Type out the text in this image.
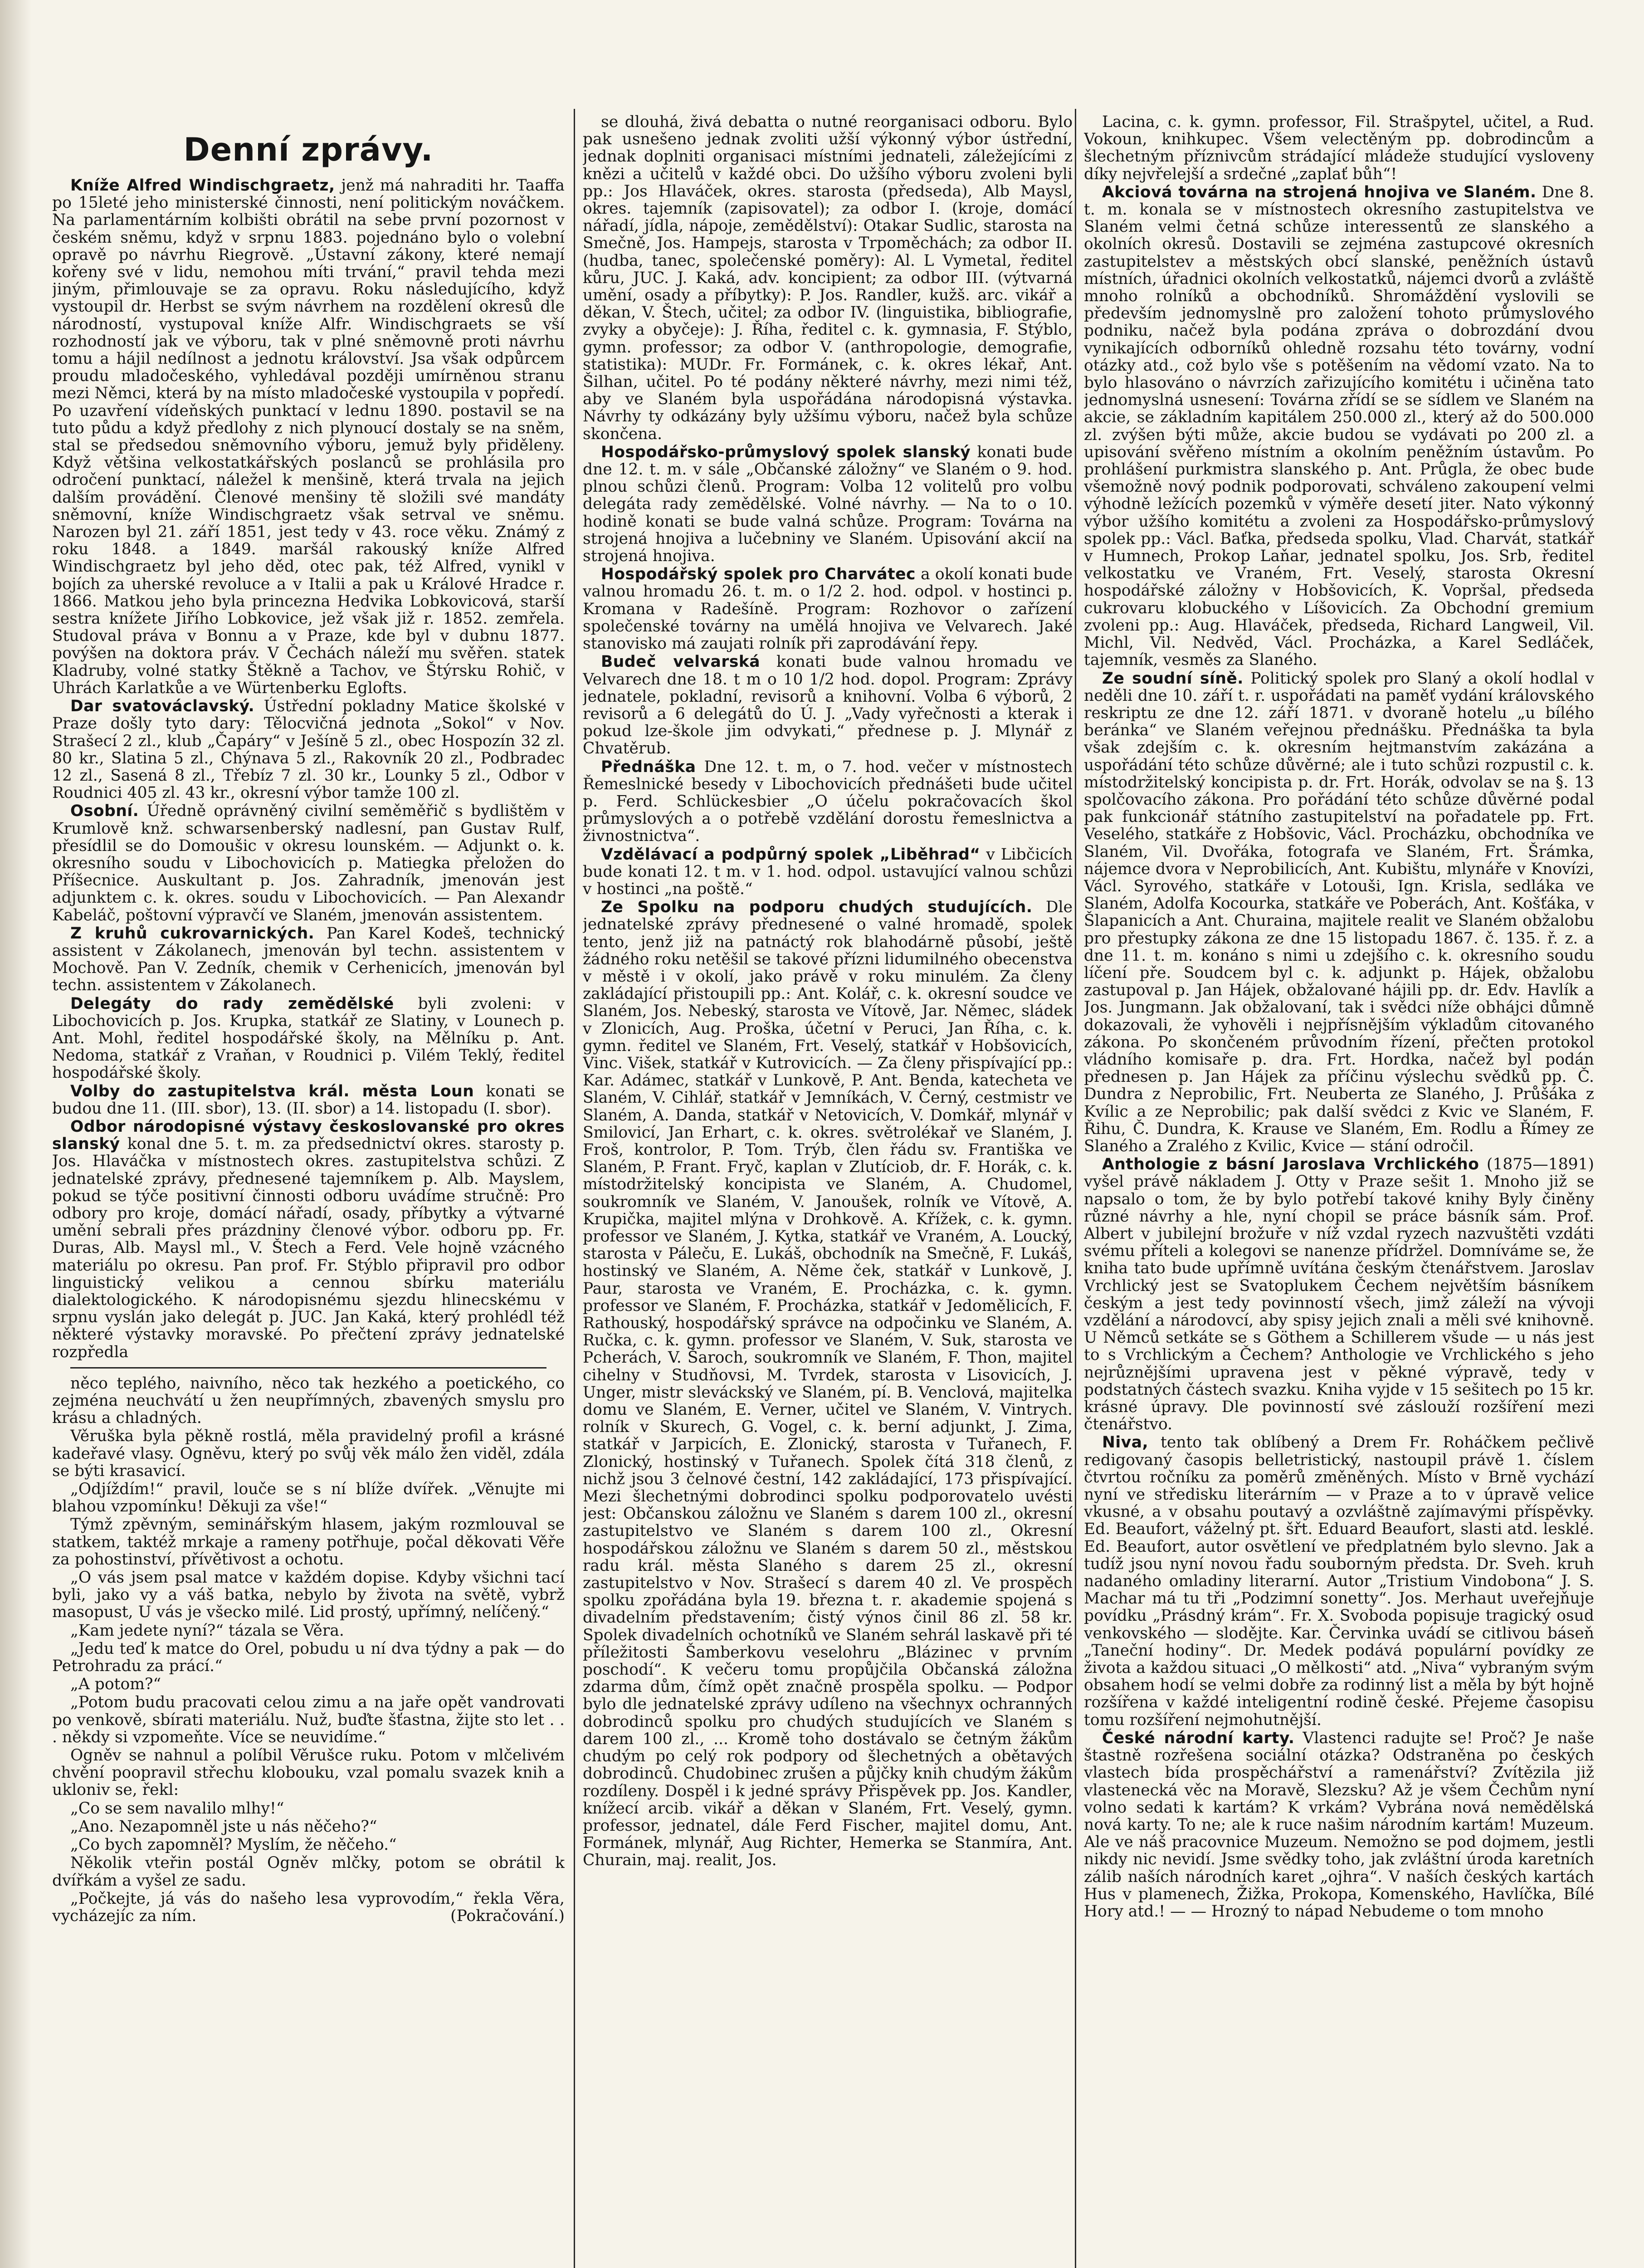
Denní zprávy.

Kníže Alfred Windischgraetz, jenž má nahraditi hr. Taaffa po 15leté jeho ministerské činnosti, není politickým nováčkem. Na parlamentárním kolbišti obrátil na sebe první pozornost v českém sněmu, když v srpnu 1883. pojednáno bylo o volební opravě po návrhu Riegrově. „Ústavní zákony, které nemají kořeny své v lidu, nemohou míti trvání,“ pravil tehda mezi jiným, přimlouvaje se za opravu. Roku následujícího, když vystoupil dr. Herbst se svým návrhem na rozdělení okresů dle národností, vystupoval kníže Alfr. Windischgraets se vší rozhodností jak ve výboru, tak v plné sněmovně proti návrhu tomu a hájil nedílnost a jednotu království. Jsa však odpůrcem proudu mladočeského, vyhledával později umírněnou stranu mezi Němci, která by na místo mladočeské vystoupila v popředí. Po uzavření vídeňských punktací v lednu 1890. postavil se na tuto půdu a když předlohy z nich plynoucí dostaly se na sněm, stal se předsedou sněmovního výboru, jemuž byly přiděleny. Když většina velkostatkářských poslanců se prohlásila pro odročení punktací, náležel k menšině, která trvala na jejich dalším provádění. Členové menšiny tě složili své mandáty sněmovní, kníže Windischgraetz však setrval ve sněmu. Narozen byl 21. září 1851, jest tedy v 43. roce věku. Známý z roku 1848. a 1849. maršál rakouský kníže Alfred Windischgraetz byl jeho děd, otec pak, též Alfred, vynikl v bojích za uherské revoluce a v Italii a pak u Králové Hradce r. 1866. Matkou jeho byla princezna Hedvika Lobkovicová, starší sestra knížete Jiřího Lobkovice, jež však již r. 1852. zemřela. Studoval práva v Bonnu a v Praze, kde byl v dubnu 1877. povýšen na doktora práv. V Čechách náleží mu svěřen. statek Kladruby, volné statky Štěkně a Tachov, ve Štýrsku Rohič, v Uhrách Karlatkůe a ve Würtenberku Eglofts.

Dar svatováclavský. Ústřední pokladny Matice školské v Praze došly tyto dary: Tělocvičná jednota „Sokol“ v Nov. Strašecí 2 zl., klub „Čapáry“ v Ješíně 5 zl., obec Hospozín 32 zl. 80 kr., Slatina 5 zl., Chýnava 5 zl., Rakovník 20 zl., Podbradec 12 zl., Sasená 8 zl., Třebíz 7 zl. 30 kr., Lounky 5 zl., Odbor v Roudnici 405 zl. 43 kr., okresní výbor tamže 100 zl.

Osobní. Úředně oprávněný civilní seměměřič s bydlištěm v Krumlově knž. schwarsenberský nadlesní, pan Gustav Rulf, přesídlil se do Domoušic v okresu lounském. — Adjunkt o. k. okresního soudu v Libochovicích p. Matiegka přeložen do Příšecnice. Auskultant p. Jos. Zahradník, jmenován jest adjunktem c. k. okres. soudu v Libochovicích. — Pan Alexandr Kabeláč, poštovní výpravčí ve Slaném, jmenován assistentem.

Z kruhů cukrovarnických. Pan Karel Kodeš, technický assistent v Zákolanech, jmenován byl techn. assistentem v Mochově. Pan V. Zedník, chemik v Cerhenicích, jmenován byl techn. assistentem v Zákolanech.

Delegáty do rady zemědělské byli zvoleni: v Libochovicích p. Jos. Krupka, statkář ze Slatiny, v Lounech p. Ant. Mohl, ředitel hospodářské školy, na Mělníku p. Ant. Nedoma, statkář z Vraňan, v Roudnici p. Vilém Teklý, ředitel hospodářské školy.

Volby do zastupitelstva král. města Loun konati se budou dne 11. (III. sbor), 13. (II. sbor) a 14. listopadu (I. sbor).

Odbor národopisné výstavy českoslovanské pro okres slanský konal dne 5. t. m. za předsednictví okres. starosty p. Jos. Hlaváčka v místnostech okres. zastupitelstva schůzi. Z jednatelské zprávy, přednesené tajemníkem p. Alb. Mayslem, pokud se týče positivní činnosti odboru uvádíme stručně: Pro odbory pro kroje, domácí nářadí, osady, příbytky a výtvarné umění sebrali přes prázdniny členové výbor. odboru pp. Fr. Duras, Alb. Maysl ml., V. Štech a Ferd. Vele hojně vzácného materiálu po okresu. Pan prof. Fr. Stýblo připravil pro odbor linguistický velikou a cennou sbírku materiálu dialektologického. K národopisnému sjezdu hlinecskému v srpnu vyslán jako delegát p. JUC. Jan Kaká, který prohlédl též některé výstavky moravské. Po přečtení zprávy jednatelské rozpředla

něco teplého, naivního, něco tak hezkého a poetického, co zejména neuchvátí u žen neupřímných, zbavených smyslu pro krásu a chladných.

Věruška byla pěkně rostlá, měla pravidelný profil a krásné kadeřavé vlasy. Ogněvu, který po svůj věk málo žen viděl, zdála se býti krasavicí.

„Odjíždím!“ pravil, louče se s ní blíže dvířek. „Věnujte mi blahou vzpomínku! Děkuji za vše!“

Týmž zpěvným, seminářským hlasem, jakým rozmlouval se statkem, taktéž mrkaje a rameny potřhuje, počal děkovati Věře za pohostinství, přívětivost a ochotu.

„O vás jsem psal matce v každém dopise. Kdyby všichni tací byli, jako vy a váš batka, nebylo by života na světě, vybrž masopust, U vás je všecko milé. Lid prostý, upřímný, nelíčený.“

„Kam jedete nyní?“ tázala se Věra.

„Jedu teď k matce do Orel, pobudu u ní dva týdny a pak — do Petrohradu za prácí.“

„A potom?“

„Potom budu pracovati celou zimu a na jaře opět vandrovati po venkově, sbírati materiálu. Nuž, buďte šťastna, žijte sto let . . . někdy si vzpomeňte. Více se neuvidíme.“

Ogněv se nahnul a políbil Věrušce ruku. Potom v mlčelivém chvění poopravil střechu klobouku, vzal pomalu svazek knih a ukloniv se, řekl:

„Co se sem navalilo mlhy!“

„Ano. Nezapomněl jste u nás něčeho?“

„Co bych zapomněl? Myslím, že něčeho.“

Několik vteřin postál Ogněv mlčky, potom se obrátil k dvířkám a vyšel ze sadu.

„Počkejte, já vás do našeho lesa vyprovodím,“ řekla Věra, vycházejíc za ním.	(Pokračování.)

se dlouhá, živá debatta o nutné reorganisaci odboru. Bylo pak usnešeno jednak zvoliti užší výkonný výbor ústřední, jednak doplniti organisaci místními jednateli, záležejícími z knězi a učitelů v každé obci. Do užšího výboru zvoleni byli pp.: Jos Hlaváček, okres. starosta (předseda), Alb Maysl, okres. tajemník (zapisovatel); za odbor I. (kroje, domácí nářadí, jídla, nápoje, zemědělství): Otakar Sudlic, starosta na Smečně, Jos. Hampejs, starosta v Trpoměchách; za odbor II. (hudba, tanec, společenské poměry): Al. L Vymetal, ředitel kůru, JUC. J. Kaká, adv. koncipient; za odbor III. (výtvarná umění, osady a příbytky): P. Jos. Randler, kužš. arc. vikář a děkan, V. Štech, učitel; za odbor IV. (linguistika, bibliografie, zvyky a obyčeje): J. Říha, ředitel c. k. gymnasia, F. Stýblo, gymn. professor; za odbor V. (anthropologie, demografie, statistika): MUDr. Fr. Formánek, c. k. okres lékař, Ant. Šilhan, učitel. Po té podány některé návrhy, mezi nimi též, aby ve Slaném byla uspořádána národopisná výstavka. Návrhy ty odkázány byly užšímu výboru, načež byla schůze skončena.

Hospodářsko-průmyslový spolek slanský konati bude dne 12. t. m. v sále „Občanské záložny“ ve Slaném o 9. hod. plnou schůzi členů. Program: Volba 12 volitelů pro volbu delegáta rady zemědělské. Volné návrhy. — Na to o 10. hodině konati se bude valná schůze. Program: Továrna na strojená hnojiva a lučebniny ve Slaném. Upisování akcií na strojená hnojiva.

Hospodářský spolek pro Charvátec a okolí konati bude valnou hromadu 26. t. m. o 1/2 2. hod. odpol. v hostinci p. Kromana v Radešíně. Program: Rozhovor o zařízení společenské továrny na umělá hnojiva ve Velvarech. Jaké stanovisko má zaujati rolník při zaprodávání řepy.

Budeč velvarská konati bude valnou hromadu ve Velvarech dne 18. t m o 10 1/2 hod. dopol. Program: Zprávy jednatele, pokladní, revisorů a knihovní. Volba 6 výborů, 2 revisorů a 6 delegátů do Ú. J. „Vady vyřečnosti a kterak i pokud lze-škole jim odvykati,“ přednese p. J. Mlynář z Chvatěrub.

Přednáška Dne 12. t. m, o 7. hod. večer v místnostech Řemeslnické besedy v Libochovicích přednášeti bude učitel p. Ferd. Schlückesbier „O účelu pokračovacích škol průmyslových a o potřebě vzdělání dorostu řemeslnictva a živnostnictva“.

Vzdělávací a podpůrný spolek „Liběhrad“ v Libčicích bude konati 12. t m. v 1. hod. odpol. ustavující valnou schůzi v hostinci „na poště.“

Ze Spolku na podporu chudých studujících. Dle jednatelské zprávy přednesené o valné hromadě, spolek tento, jenž již na patnáctý rok blahodárně působí, ještě žádného roku netěšil se takové přízni lidumilného obecenstva v městě i v okolí, jako právě v roku minulém. Za členy zakládající přistoupili pp.: Ant. Kolář, c. k. okresní soudce ve Slaném, Jos. Nebeský, starosta ve Vítově, Jar. Němec, sládek v Zlonicích, Aug. Proška, účetní v Peruci, Jan Říha, c. k. gymn. ředitel ve Slaném, Frt. Veselý, statkář v Hobšovicích, Vinc. Višek, statkář v Kutrovicích. — Za členy přispívající pp.: Kar. Adámec, statkář v Lunkově, P. Ant. Benda, katecheta ve Slaném, V. Cihlář, statkář v Jemníkách, V. Černý, cestmistr ve Slaném, A. Danda, statkář v Netovicích, V. Domkář, mlynář v Smilovicí, Jan Erhart, c. k. okres. světrolékař ve Slaném, J. Froš, kontrolor, P. Tom. Trýb, člen řádu sv. Františka ve Slaném, P. Frant. Fryč, kaplan v Zlutíciob, dr. F. Horák, c. k. místodržitelský koncipista ve Slaném, A. Chudomel, soukromník ve Slaném, V. Janoušek, rolník ve Vítově, A. Krupička, majitel mlýna v Drohkově. A. Křížek, c. k. gymn. professor ve Slaném, J. Kytka, statkář ve Vraném, A. Loucký, starosta v Páleču, E. Lukáš, obchodník na Smečně, F. Lukáš, hostinský ve Slaném, A. Něme ček, statkář v Lunkově, J. Paur, starosta ve Vraném, E. Procházka, c. k. gymn. professor ve Slaném, F. Procházka, statkář v Jedomělicích, F. Rathouský, hospodářský správce na odpočinku ve Slaném, A. Ručka, c. k. gymn. professor ve Slaném, V. Suk, starosta ve Pcherách, V. Šaroch, soukromník ve Slaném, F. Thon, majitel cihelny v Studňovsi, M. Tvrdek, starosta v Lisovicích, J. Unger, mistr sleváckský ve Slaném, pí. B. Venclová, majitelka domu ve Slaném, E. Verner, učitel ve Slaném, V. Vintrych. rolník v Skurech, G. Vogel, c. k. berní adjunkt, J. Zima, statkář v Jarpicích, E. Zlonický, starosta v Tuřanech, F. Zlonický, hostinský v Tuřanech. Spolek čítá 318 členů, z nichž jsou 3 čelnové čestní, 142 zakládající, 173 přispívající. Mezi šlechetnými dobrodinci spolku podporovatelo uvésti jest: Občanskou záložnu ve Slaném s darem 100 zl., okresní zastupitelstvo ve Slaném s darem 100 zl., Okresní hospodářskou záložnu ve Slaném s darem 50 zl., městskou radu král. města Slaného s darem 25 zl., okresní zastupitelstvo v Nov. Strašecí s darem 40 zl. Ve prospěch spolku zpořádána byla 19. března t. r. akademie spojená s divadelním představením; čistý výnos činil 86 zl. 58 kr. Spolek divadelních ochotníků ve Slaném sehrál laskavě při té příležitosti Šamberkovu veselohru „Blázinec v prvním poschodí“. K večeru tomu propůjčila Občanská záložna zdarma dům, čímž opět značně prospěla spolku. — Podpor bylo dle jednatelské zprávy udíleno na všechnyx ochranných dobrodinců spolku pro chudých studujících ve Slaném s darem 100 zl., ... Kromě toho dostávalo se četným žákům chudým po celý rok podpory od šlechetných a obětavých dobrodinců. Chudobinec zrušen a půjčky knih chudým žákům rozdíleny. Dospěl i k jedné správy Přispěvek pp. Jos. Kandler, knížecí arcib. vikář a děkan v Slaném, Frt. Veselý, gymn. professor, jednatel, dále Ferd Fischer, majitel domu, Ant. Formánek, mlynář, Aug Richter, Hemerka se Stanmíra, Ant. Churain, maj. realit, Jos.

Lacina, c. k. gymn. professor, Fil. Strašpytel, učitel, a Rud. Vokoun, knihkupec. Všem velectěným pp. dobrodincům a šlechetným příznivcům strádající mládeže studující vysloveny díky nejvřelejší a srdečné „zaplať bůh“!

Akciová továrna na strojená hnojiva ve Slaném. Dne 8. t. m. konala se v místnostech okresního zastupitelstva ve Slaném velmi četná schůze interessentů ze slanského a okolních okresů. Dostavili se zejména zastupcové okresních zastupitelstev a městských obcí slanské, peněžních ústavů místních, úřadnici okolních velkostatků, nájemci dvorů a zvláště mnoho rolníků a obchodníků. Shromáždění vyslovili se především jednomyslně pro založení tohoto průmyslového podniku, načež byla podána zpráva o dobrozdání dvou vynikajících odborníků ohledně rozsahu této továrny, vodní otázky atd., což bylo vše s potěšením na vědomí vzato. Na to bylo hlasováno o návrzích zařizujícího komitétu i učiněna tato jednomyslná usnesení: Továrna zřídí se se sídlem ve Slaném na akcie, se základním kapitálem 250.000 zl., který až do 500.000 zl. zvýšen býti může, akcie budou se vydávati po 200 zl. a upisování svěřeno místním a okolním peněžním ústavům. Po prohlášení purkmistra slanského p. Ant. Průgla, že obec bude všemožně nový podnik podporovati, schváleno zakoupení velmi výhodně ležících pozemků v výměře desetí jiter. Nato výkonný výbor užšího komitétu a zvoleni za Hospodářsko-průmyslový spolek pp.: Václ. Baťka, předseda spolku, Vlad. Charvát, statkář v Humnech, Prokop Laňar, jednatel spolku, Jos. Srb, ředitel velkostatku ve Vraném, Frt. Veselý, starosta Okresní hospodářské záložny v Hobšovicích, K. Vopršal, předseda cukrovaru klobuckého v Líšovicích. Za Obchodní gremium zvoleni pp.: Aug. Hlaváček, předseda, Richard Langweil, Vil. Michl, Vil. Nedvěd, Václ. Procházka, a Karel Sedláček, tajemník, vesměs za Slaného.

Ze soudní síně. Politický spolek pro Slaný a okolí hodlal v neděli dne 10. září t. r. uspořádati na paměť vydání královského reskriptu ze dne 12. září 1871. v dvoraně hotelu „u bílého beránka“ ve Slaném veřejnou přednášku. Přednáška ta byla však zdejším c. k. okresním hejtmanstvím zakázána a uspořádání této schůze důvěrné; ale i tuto schůzi rozpustil c. k. místodržitelský koncipista p. dr. Frt. Horák, odvolav se na §. 13 spolčovacího zákona. Pro pořádání této schůze důvěrné podal pak funkcionář státního zastupitelství na pořadatele pp. Frt. Veselého, statkáře z Hobšovic, Václ. Procházku, obchodníka ve Slaném, Vil. Dvořáka, fotografa ve Slaném, Frt. Šrámka, nájemce dvora v Neprobilicích, Ant. Kubištu, mlynáře v Knovízi, Václ. Syrového, statkáře v Lotouši, Ign. Krisla, sedláka ve Slaném, Adolfa Kocourka, statkáře ve Poberách, Ant. Košťáka, v Šlapanicích a Ant. Churaina, majitele realit ve Slaném obžalobu pro přestupky zákona ze dne 15 listopadu 1867. č. 135. ř. z. a dne 11. t. m. konáno s nimi u zdejšího c. k. okresního soudu líčení pře. Soudcem byl c. k. adjunkt p. Hájek, obžalobu zastupoval p. Jan Hájek, obžalované hájili pp. dr. Edv. Havlík a Jos. Jungmann. Jak obžalovaní, tak i svědci níže obhájci důmně dokazovali, že vyhověli i nejpřísnějším výkladům citovaného zákona. Po skončeném průvodním řízení, přečten protokol vládního komisaře p. dra. Frt. Hordka, načež byl podán přednesen p. Jan Hájek za příčinu výslechu svědků pp. Č. Dundra z Neprobilic, Frt. Neuberta ze Slaného, J. Průšáka z Kvílic a ze Neprobilic; pak další svědci z Kvic ve Slaném, F. Řihu, Č. Dundra, K. Krause ve Slaném, Em. Rodlu a Římey ze Slaného a Zralého z Kvilic, Kvice — stání odročil.

Anthologie z básní Jaroslava Vrchlického (1875—1891) vyšel právě nákladem J. Otty v Praze sešit 1. Mnoho již se napsalo o tom, že by bylo potřebí takové knihy Byly činěny různé návrhy a hle, nyní chopil se práce básník sám. Prof. Albert v jubilejní brožuře v níž vzdal ryzech nazvuštěti vzdáti svému příteli a kolegovi se nanenze přídržel. Domníváme se, že kniha tato bude upřímně uvítána českým čtenářstvem. Jaroslav Vrchlický jest se Svatoplukem Čechem největším básníkem českým a jest tedy povinností všech, jimž záleží na vývoji vzdělání a národovcí, aby spisy jejich znali a měli své knihovně. U Němců setkáte se s Göthem a Schillerem všude — u nás jest to s Vrchlickým a Čechem? Anthologie ve Vrchlického s jeho nejrůznějšími upravena jest v pěkné výpravě, tedy v podstatných částech svazku. Kniha vyjde v 15 sešitech po 15 kr. krásné úpravy. Dle povinností své záslouží rozšíření mezi čtenářstvo.

Niva, tento tak oblíbený a Drem Fr. Roháčkem pečlivě redigovaný časopis belletristický, nastoupil právě 1. číslem čtvrtou ročníku za poměrů změněných. Místo v Brně vychází nyní ve středisku literárním — v Praze a to v úpravě velice vkusné, a v obsahu poutavý a ozvláštně zajímavými příspěvky. Ed. Beaufort, váželný pt. šřt. Eduard Beaufort, slasti atd. lesklé. Ed. Beaufort, autor osvětlení ve předplatném bylo slevno. Jak a tudíž jsou nyní novou řadu souborným předsta. Dr. Sveh. kruh nadaného omladiny literarní. Autor „Tristium Vindobona“ J. S. Machar má tu tři „Podzimní sonetty“. Jos. Merhaut uveřejňuje povídku „Prásdný krám“. Fr. X. Svoboda popisuje tragický osud venkovského — slodějte. Kar. Červinka uvádí se citlivou báseň „Taneční hodiny“. Dr. Medek podává populární povídky ze života a každou situaci „O mělkosti“ atd. „Niva“ vybraným svým obsahem hodí se velmi dobře za rodinný list a měla by být hojně rozšířena v každé inteligentní rodině české. Přejeme časopisu tomu rozšíření nejmohutnější.

České národní karty. Vlastenci radujte se! Proč? Je naše štastně rozřešena sociální otázka? Odstraněna po českých vlastech bída prospěchářství a ramenářství? Zvítězila již vlastenecká věc na Moravě, Slezsku? Až je všem Čechům nyní volno sedati k kartám? K vrkám? Vybrána nová nemědělská nová karty. To ne; ale k ruce našim národním kartám! Muzeum. Ale ve náš pracovnice Muzeum. Nemožno se pod dojmem, jestli nikdy nic nevidí. Jsme svědky toho, jak zvláštní úroda karetních zálib naších národních karet „ojhra“. V naších českých kartách Hus v plamenech, Žižka, Prokopa, Komenského, Havlíčka, Bílé Hory atd.! — — Hrozný to nápad Nebudeme o tom mnoho
